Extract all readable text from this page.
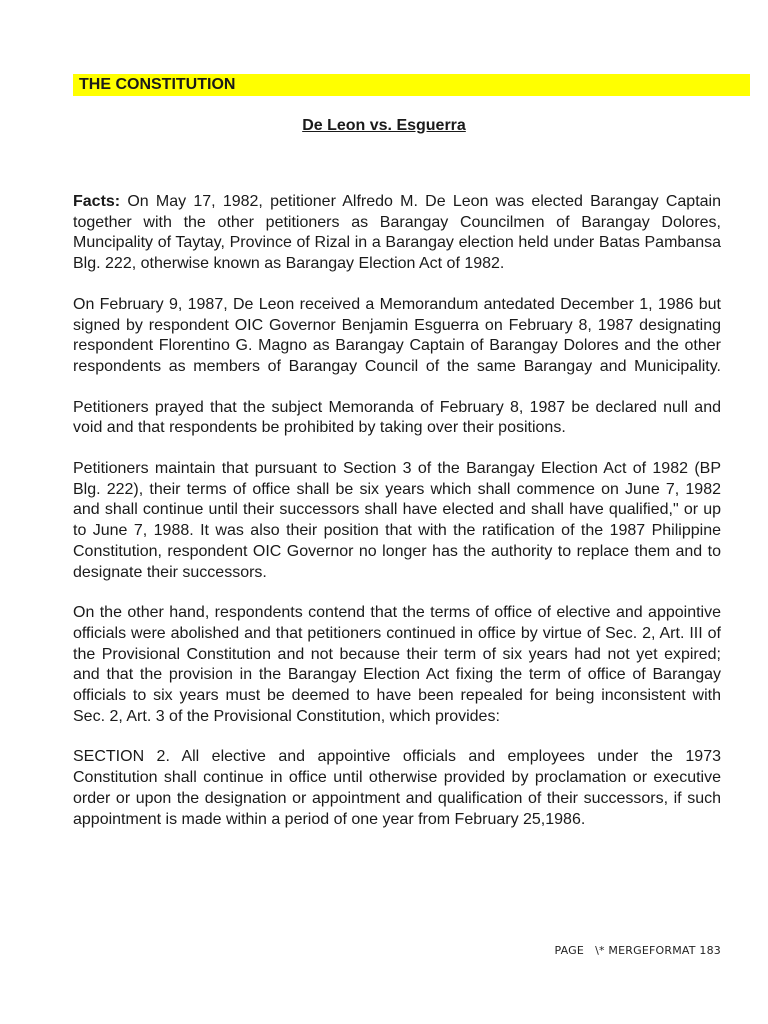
THE CONSTITUTION
De Leon vs. Esguerra

Facts: On May 17, 1982, petitioner Alfredo M. De Leon was elected Barangay Captain together with the other petitioners as Barangay Councilmen of Barangay Dolores, Muncipality of Taytay, Province of Rizal in a Barangay election held under Batas Pambansa Blg. 222, otherwise known as Barangay Election Act of 1982.

On February 9, 1987, De Leon received a Memorandum antedated December 1, 1986 but signed by respondent OIC Governor Benjamin Esguerra on February 8, 1987 designating respondent Florentino G. Magno as Barangay Captain of Barangay Dolores and the other respondents as members of Barangay Council of the same Barangay and Municipality.

Petitioners prayed that the subject Memoranda of February 8, 1987 be declared null and void and that respondents be prohibited by taking over their positions.

Petitioners maintain that pursuant to Section 3 of the Barangay Election Act of 1982 (BP Blg. 222), their terms of office shall be six years which shall commence on June 7, 1982 and shall continue until their successors shall have elected and shall have qualified," or up to June 7, 1988. It was also their position that with the ratification of the 1987 Philippine Constitution, respondent OIC Governor no longer has the authority to replace them and to designate their successors.

On the other hand, respondents contend that the terms of office of elective and appointive officials were abolished and that petitioners continued in office by virtue of Sec. 2, Art. III of the Provisional Constitution and not because their term of six years had not yet expired; and that the provision in the Barangay Election Act fixing the term of office of Barangay officials to six years must be deemed to have been repealed for being inconsistent with Sec. 2, Art. 3 of the Provisional Constitution, which provides:

SECTION 2. All elective and appointive officials and employees under the 1973 Constitution shall continue in office until otherwise provided by proclamation or executive order or upon the designation or appointment and qualification of their successors, if such appointment is made within a period of one year from February 25,1986.

PAGE   \* MERGEFORMAT 183
